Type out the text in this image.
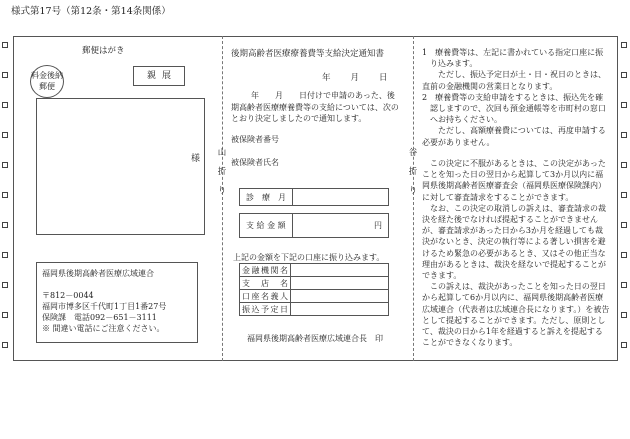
様式第17号（第12条・第14条関係）
郵便はがき
料金後納
郵便
親展
様
福岡県後期高齢者医療広域連合
〒812－0044
福岡市博多区千代町1丁目1番27号
保険課　電話092－651－3111
※ 間違い電話にご注意ください。
山
折
り
谷
折
り
後期高齢者医療療養費等支給決定通知書
年　　月　　日
年　　月　　日付けで申請のあった、後期高齢者医療療養費等の支給については、次のとおり決定しましたので通知します。
被保険者番号
被保険者氏名
診　療　月
支 給 金 額	円
上記の金額を下記の口座に振り込みます。
金融機関名	
支店名	
口座名義人	
振込予定日	
福岡県後期高齢者医療広域連合長　印
1　療養費等は、左記に書かれている指定口座に振り込みます。
ただし、振込予定日が土・日・祝日のときは、直前の金融機関の営業日となります。
2　療養費等の支給申請をするときは、振込先を確認しますので、次回も預金通帳等を市町村の窓口へお持ちください。
ただし、高額療養費については、再度申請する必要がありません。
この決定に不服があるときは、この決定があったことを知った日の翌日から起算して3か月以内に福岡県後期高齢者医療審査会（福岡県医療保険課内）に対して審査請求をすることができます。
なお、この決定の取消しの訴えは、審査請求の裁決を経た後でなければ提起することができませんが、審査請求があった日から3か月を経過しても裁決がないとき、決定の執行等による著しい損害を避けるため緊急の必要があるとき、又はその他正当な理由があるときは、裁決を経ないで提起することができます。
この訴えは、裁決があったことを知った日の翌日から起算して6か月以内に、福岡県後期高齢者医療広域連合（代表者は広域連合長になります。）を被告として提起することができます。ただし、原則として、裁決の日から1年を経過すると訴えを提起することができなくなります。
